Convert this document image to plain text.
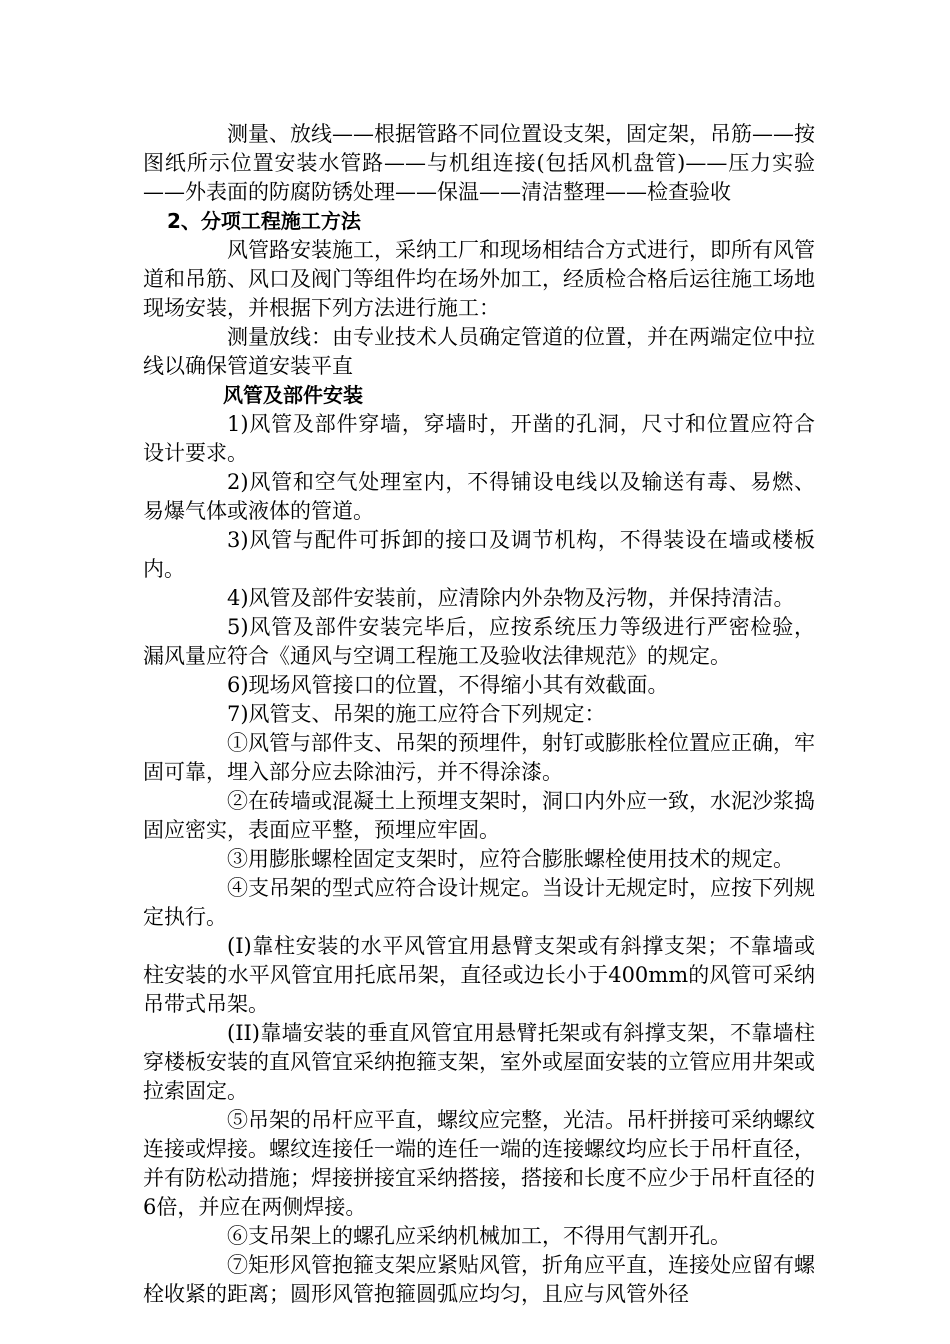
测量、放线——根据管路不同位置设支架，固定架，吊筋——按图纸所示位置安装水管路——与机组连接(包括风机盘管)——压力实验——外表面的防腐防锈处理——保温——清洁整理——检查验收

2、分项工程施工方法

风管路安装施工，采纳工厂和现场相结合方式进行，即所有风管道和吊筋、风口及阀门等组件均在场外加工，经质检合格后运往施工场地现场安装，并根据下列方法进行施工：

测量放线：由专业技术人员确定管道的位置，并在两端定位中拉线以确保管道安装平直

风管及部件安装

1)风管及部件穿墙，穿墙时，开凿的孔洞，尺寸和位置应符合设计要求。

2)风管和空气处理室内，不得铺设电线以及输送有毒、易燃、易爆气体或液体的管道。

3)风管与配件可拆卸的接口及调节机构，不得装设在墙或楼板内。

4)风管及部件安装前，应清除内外杂物及污物，并保持清洁。

5)风管及部件安装完毕后，应按系统压力等级进行严密检验，漏风量应符合《通风与空调工程施工及验收法律规范》的规定。

6)现场风管接口的位置，不得缩小其有效截面。

7)风管支、吊架的施工应符合下列规定：

①风管与部件支、吊架的预埋件，射钉或膨胀栓位置应正确，牢固可靠，埋入部分应去除油污，并不得涂漆。

②在砖墙或混凝土上预埋支架时，洞口内外应一致，水泥沙浆捣固应密实，表面应平整，预埋应牢固。

③用膨胀螺栓固定支架时，应符合膨胀螺栓使用技术的规定。

④支吊架的型式应符合设计规定。当设计无规定时，应按下列规定执行。

(I)靠柱安装的水平风管宜用悬臂支架或有斜撑支架；不靠墙或柱安装的水平风管宜用托底吊架，直径或边长小于400mm的风管可采纳吊带式吊架。

(II)靠墙安装的垂直风管宜用悬臂托架或有斜撑支架，不靠墙柱穿楼板安装的直风管宜采纳抱箍支架，室外或屋面安装的立管应用井架或拉索固定。

⑤吊架的吊杆应平直，螺纹应完整，光洁。吊杆拼接可采纳螺纹连接或焊接。螺纹连接任一端的连任一端的连接螺纹均应长于吊杆直径，并有防松动措施；焊接拼接宜采纳搭接，搭接和长度不应少于吊杆直径的6倍，并应在两侧焊接。

⑥支吊架上的螺孔应采纳机械加工，不得用气割开孔。

⑦矩形风管抱箍支架应紧贴风管，折角应平直，连接处应留有螺栓收紧的距离；圆形风管抱箍圆弧应均匀，且应与风管外径
